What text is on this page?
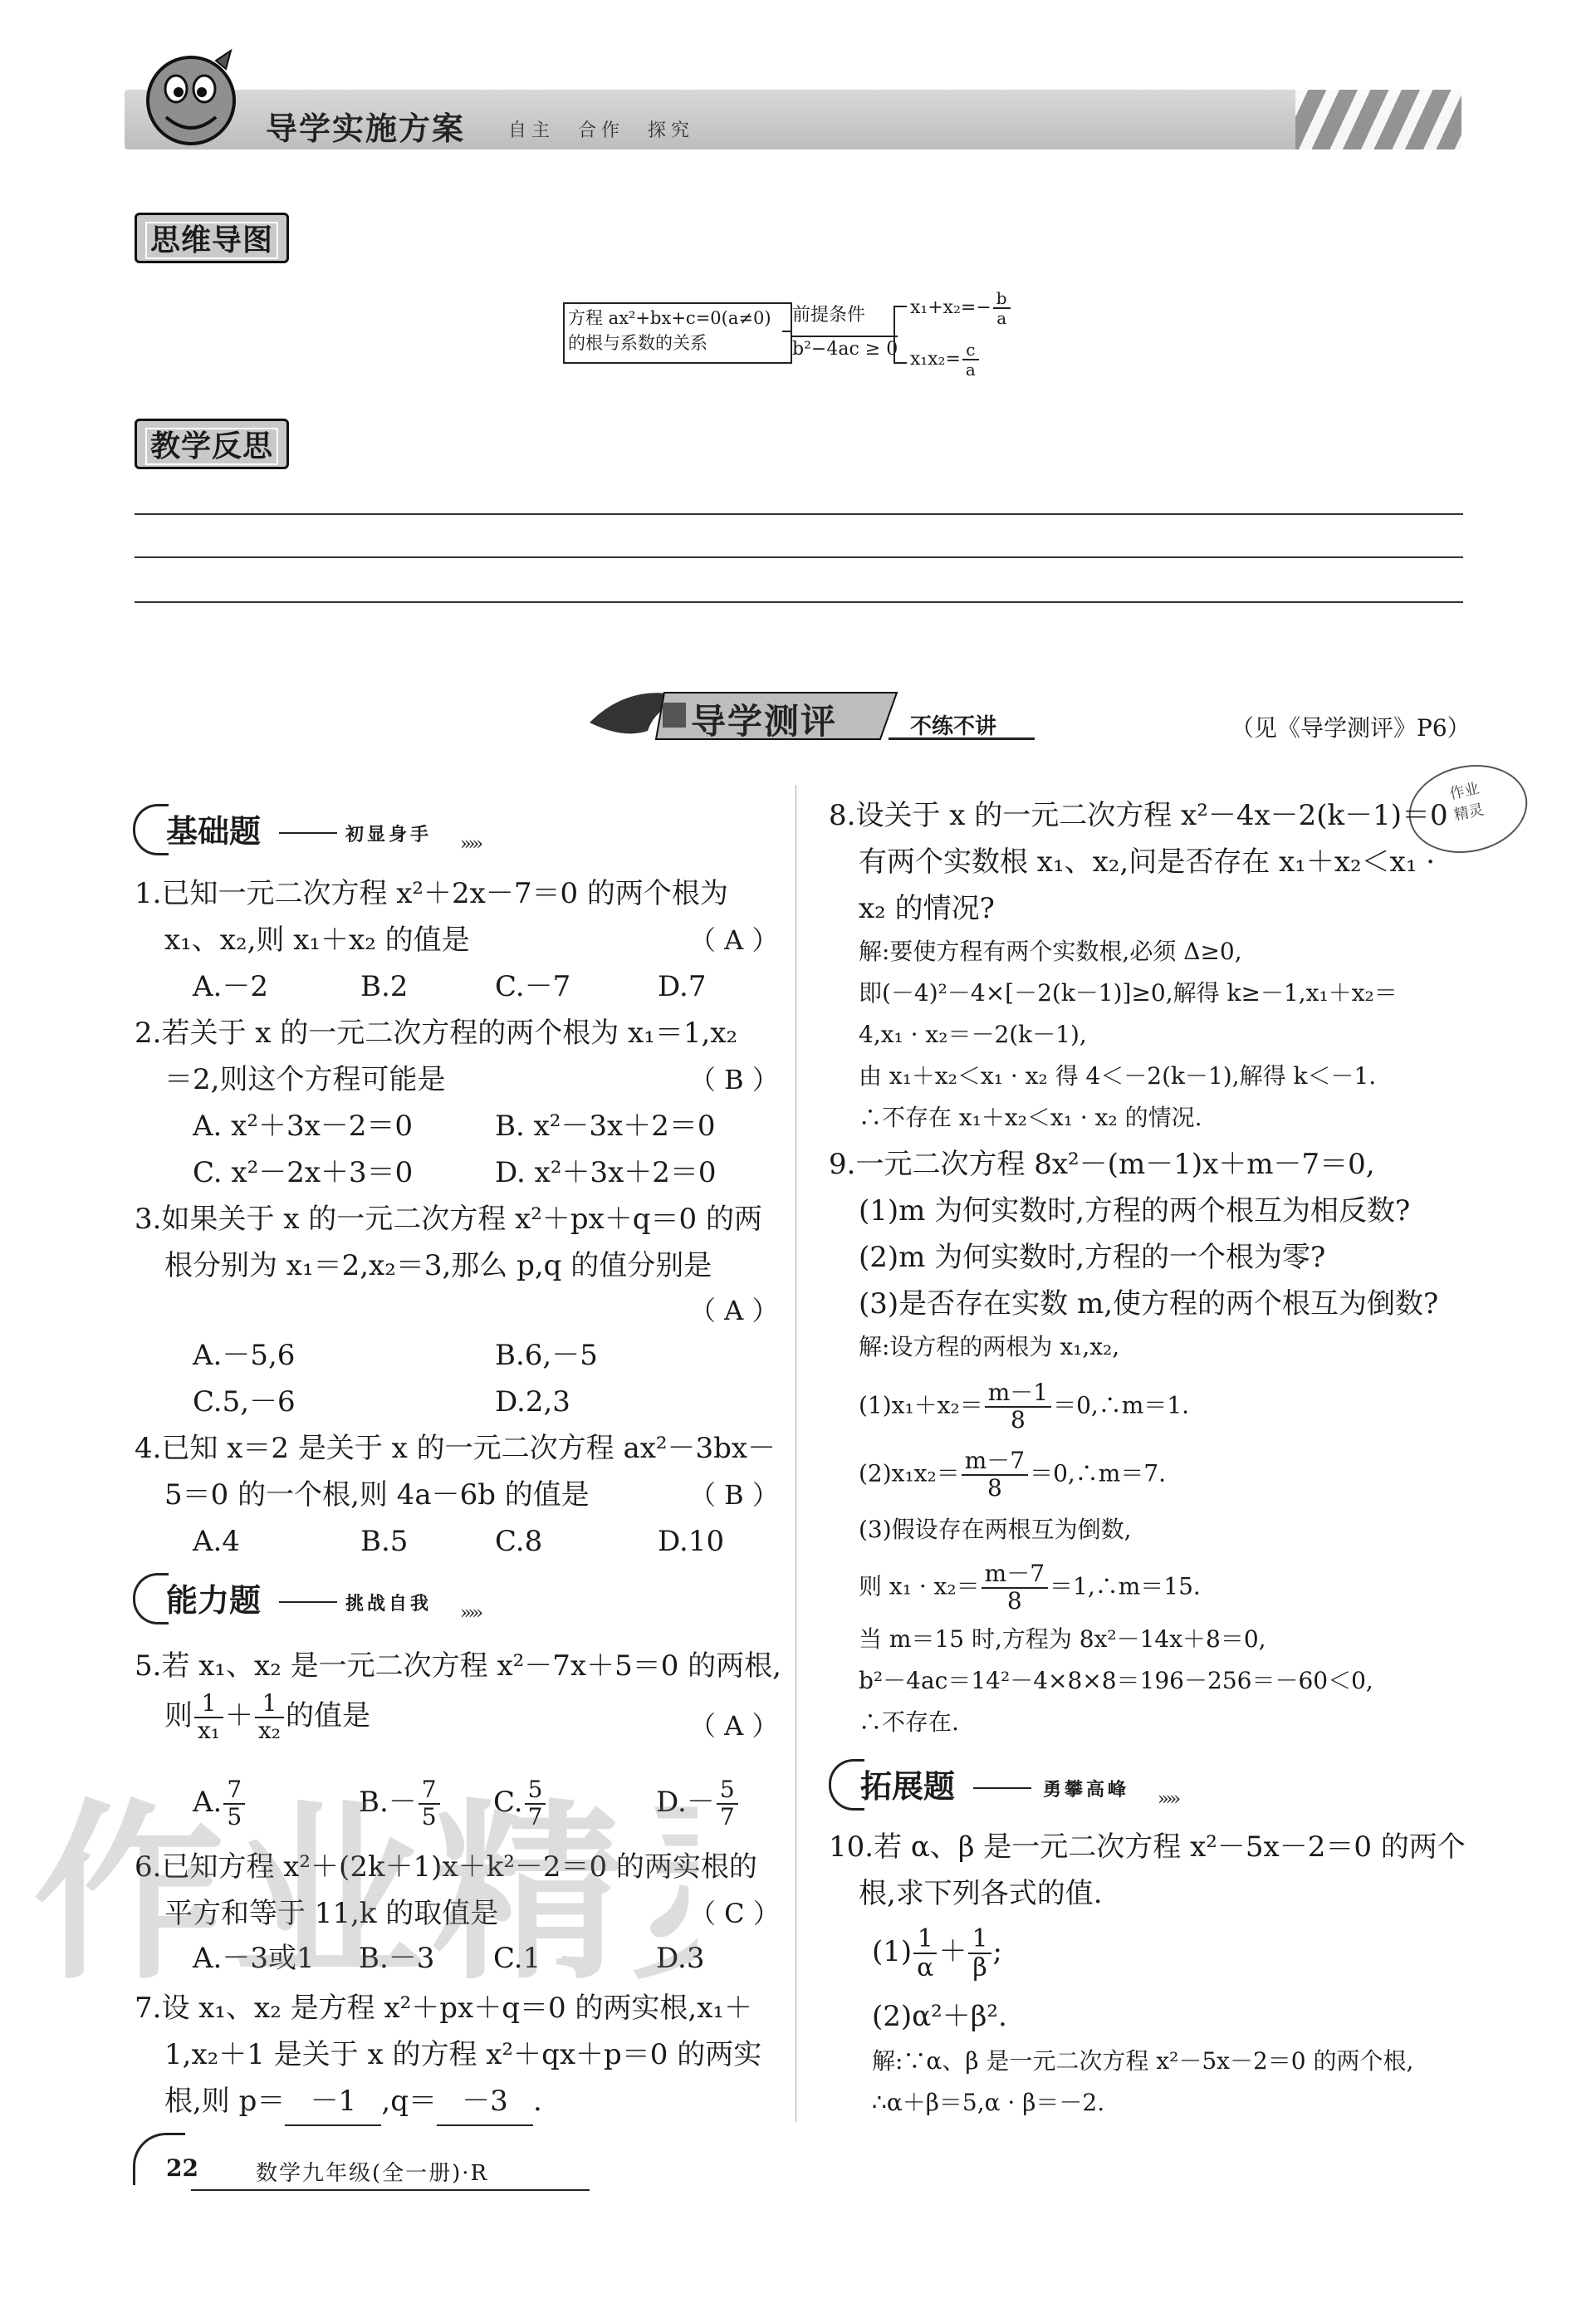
导学实施方案 自主　合作　探究
思维导图
方程 ax²+bx+c=0(a≠0)
的根与系数的关系
前提条件
b²−4ac ≥ 0
$x_1+x_2=- \frac{b}{a}$
$x_1x_2= \frac{c}{a}$
教学反思
导学测评	不练不讲	（见《导学测评》P6）
作业
精灵
基础题	初显身手 ›››››
1.已知一元二次方程 x²＋2x－7＝0 的两个根为
x₁、x₂,则 x₁＋x₂ 的值是	（ A ）
A.－2	B.2	C.－7	D.7
2.若关于 x 的一元二次方程的两个根为 x₁＝1,x₂
＝2,则这个方程可能是	（ B ）
A. x²＋3x－2＝0	B. x²－3x＋2＝0
C. x²－2x＋3＝0	D. x²＋3x＋2＝0
3.如果关于 x 的一元二次方程 x²＋px＋q＝0 的两
根分别为 x₁＝2,x₂＝3,那么 p,q 的值分别是
（ A ）
A.－5,6	B.6,－5
C.5,－6	D.2,3
4.已知 x＝2 是关于 x 的一元二次方程 ax²－3bx－
5＝0 的一个根,则 4a－6b 的值是	（ B ）
A.4	B.5	C.8	D.10
能力题	挑战自我 ›››››
5.若 x₁、x₂ 是一元二次方程 x²－7x＋5＝0 的两根,
则 $\frac{1}{\text{x₁}} + \frac{1}{\text{x₂}}$ 的值是	（ A ）
A. $\frac{7}{5}$	$B.- \frac{7}{5} C$. $\frac{5}{7}$	$D.- \frac{5}{7}$
6.已知方程 x²＋(2k＋1)x＋k²－2＝0 的两实根的
平方和等于 11,k 的取值是	（ C ）
A.－3或1 B.－3 C.1	D.3
7.设 x₁、x₂ 是方程 x²＋px＋q＝0 的两实根,x₁＋
1,x₂＋1 是关于 x 的方程 x²＋qx＋p＝0 的两实
根,则 p＝ －1 ,q＝ －3 .
8.设关于 x 的一元二次方程 x²－4x－2(k－1)＝0
有两个实数根 x₁、x₂,问是否存在 x₁＋x₂＜x₁ ·
x₂ 的情况?
解:要使方程有两个实数根,必须 Δ≥0,
即(－4)²－4×[－2(k－1)]≥0,解得 k≥－1,x₁＋x₂＝
4,x₁ · x₂＝－2(k－1),
由 x₁＋x₂＜x₁ · x₂ 得 4＜－2(k－1),解得 k＜－1.
∴不存在 x₁＋x₂＜x₁ · x₂ 的情况.
9.一元二次方程 8x²－(m－1)x＋m－7＝0,
(1)m 为何实数时,方程的两个根互为相反数?
(2)m 为何实数时,方程的一个根为零?
(3)是否存在实数 m,使方程的两个根互为倒数?
解:设方程的两根为 x₁,x₂,
$(1)x_1+x_2= \frac{m-1}{8}$ ＝0,∴m＝1.
$(2)x_1x_2= \frac{m-7}{8}$ ＝0,∴m＝7.
(3)假设存在两根互为倒数,
则 $x_1 \cdot x_2= \frac{m-7}{8}$ ＝1,∴m＝15.
当 m＝15 时,方程为 8x²－14x＋8＝0,
b²－4ac＝14²－4×8×8＝196－256＝－60＜0,
∴不存在.
拓展题	勇攀高峰 ›››››
10.若 α、β 是一元二次方程 x²－5x－2＝0 的两个
根,求下列各式的值.
$(1) \frac{1}{\alpha} + \frac{1}{\beta}$ ;
(2)α²＋β².
解:∵α、β 是一元二次方程 x²－5x－2＝0 的两个根,
∴α＋β＝5,α · β＝－2.
作业精
22	数学九年级(全一册)·R
